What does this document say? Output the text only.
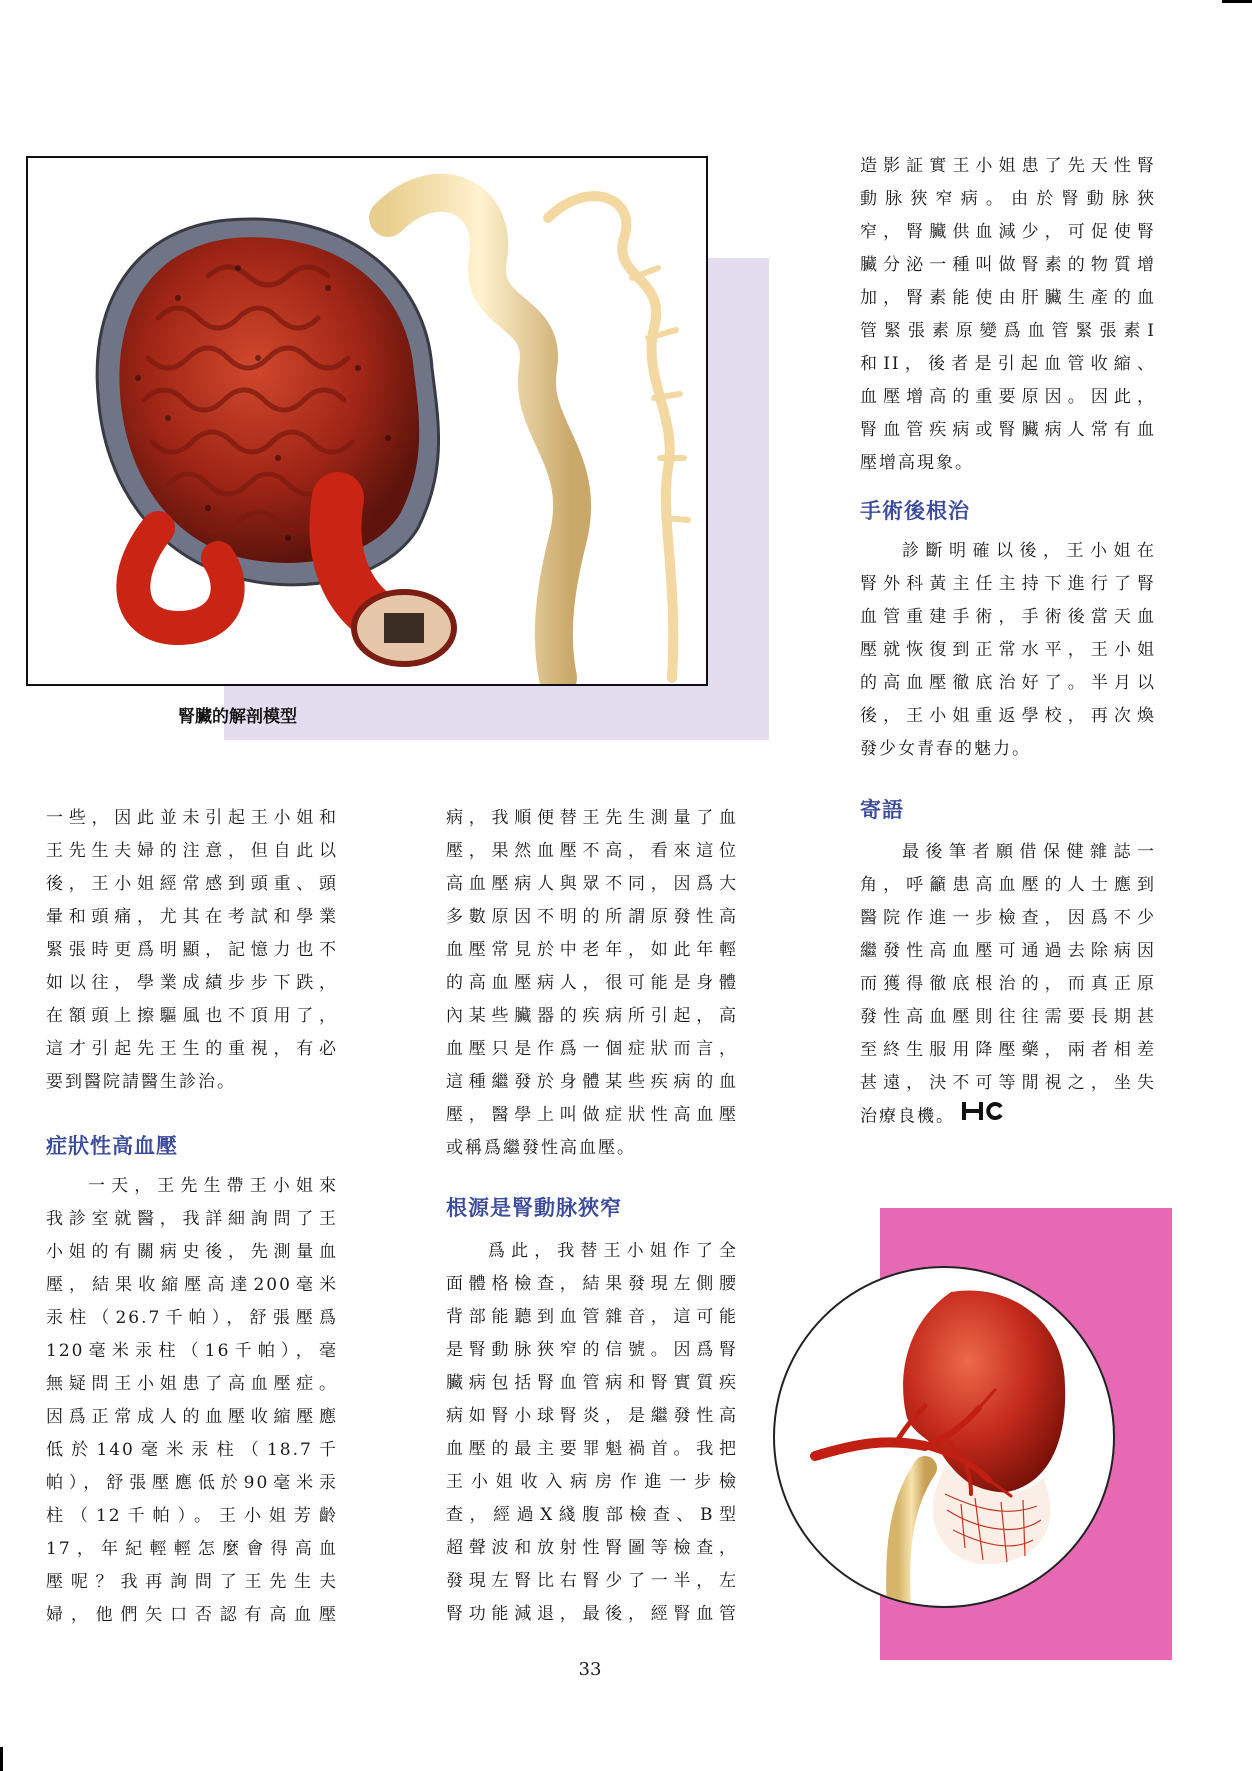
腎臟的解剖模型

一些，因此並未引起王小姐和

王先生夫婦的注意，但自此以

後，王小姐經常感到頭重、頭

暈和頭痛，尤其在考試和學業

緊張時更爲明顯，記憶力也不

如以往，學業成績步步下跌，

在額頭上擦驅風也不頂用了，

這才引起先王生的重視，有必

要到醫院請醫生診治。

症狀性高血壓

一天，王先生帶王小姐來

我診室就醫，我詳細詢問了王

小姐的有關病史後，先測量血

壓，結果收縮壓高達200毫米

汞柱（26.7千帕），舒張壓爲

120毫米汞柱（16千帕），毫

無疑問王小姐患了高血壓症。

因爲正常成人的血壓收縮壓應

低於140毫米汞柱（18.7千

帕），舒張壓應低於90毫米汞

柱（12千帕）。王小姐芳齡

17，年紀輕輕怎麼會得高血

壓呢？我再詢問了王先生夫

婦，他們矢口否認有高血壓

病，我順便替王先生測量了血

壓，果然血壓不高，看來這位

高血壓病人與眾不同，因爲大

多數原因不明的所謂原發性高

血壓常見於中老年，如此年輕

的高血壓病人，很可能是身體

內某些臟器的疾病所引起，高

血壓只是作爲一個症狀而言，

這種繼發於身體某些疾病的血

壓，醫學上叫做症狀性高血壓

或稱爲繼發性高血壓。

根源是腎動脉狹窄

爲此，我替王小姐作了全

面體格檢查，結果發現左側腰

背部能聽到血管雜音，這可能

是腎動脉狹窄的信號。因爲腎

臟病包括腎血管病和腎實質疾

病如腎小球腎炎，是繼發性高

血壓的最主要罪魁禍首。我把

王小姐收入病房作進一步檢

查，經過X綫腹部檢查、B型

超聲波和放射性腎圖等檢查，

發現左腎比右腎少了一半，左

腎功能減退，最後，經腎血管

造影証實王小姐患了先天性腎

動脉狹窄病。由於腎動脉狹

窄，腎臟供血減少，可促使腎

臟分泌一種叫做腎素的物質增

加，腎素能使由肝臟生產的血

管緊張素原變爲血管緊張素I

和II，後者是引起血管收縮、

血壓增高的重要原因。因此，

腎血管疾病或腎臟病人常有血

壓增高現象。

手術後根治

診斷明確以後，王小姐在

腎外科黃主任主持下進行了腎

血管重建手術，手術後當天血

壓就恢復到正常水平，王小姐

的高血壓徹底治好了。半月以

後，王小姐重返學校，再次煥

發少女青春的魅力。

寄語

最後筆者願借保健雜誌一

角，呼籲患高血壓的人士應到

醫院作進一步檢查，因爲不少

繼發性高血壓可通過去除病因

而獲得徹底根治的，而真正原

發性高血壓則往往需要長期甚

至終生服用降壓藥，兩者相差

甚遠，決不可等閒視之，坐失

治療良機。

33
